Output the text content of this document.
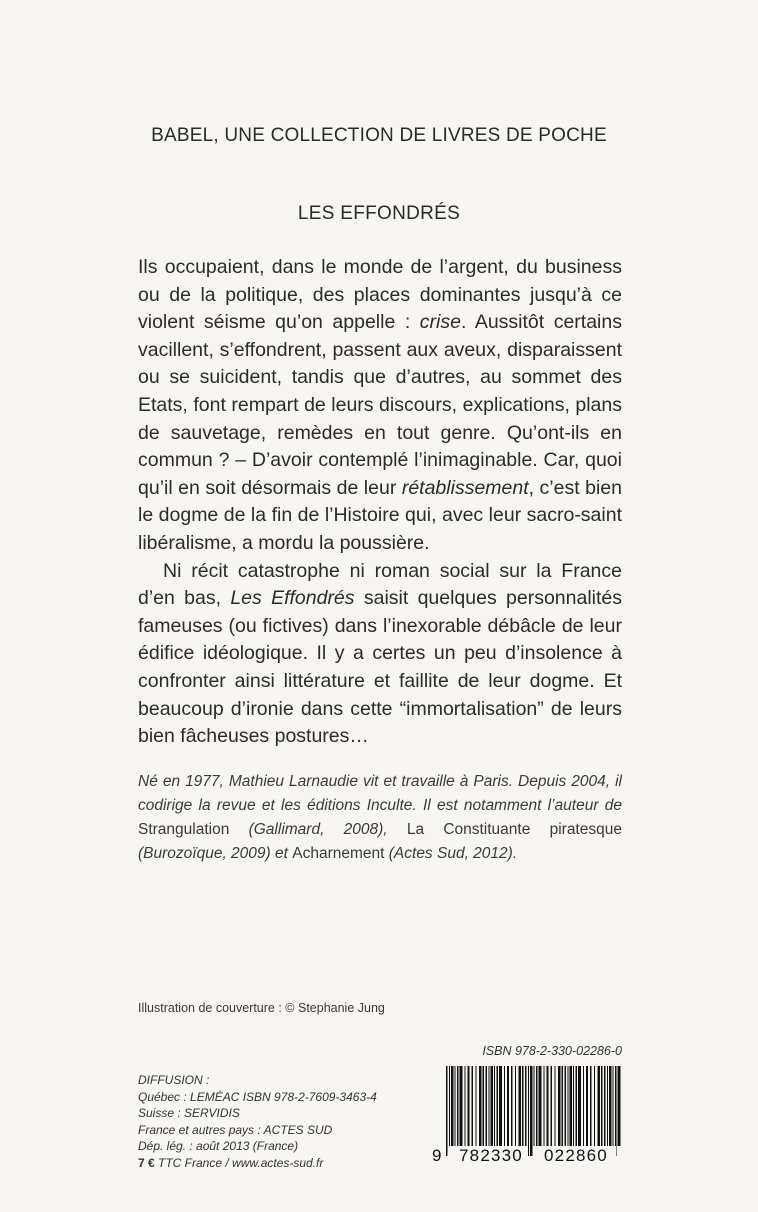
BABEL, UNE COLLECTION DE LIVRES DE POCHE
LES EFFONDRÉS

Ils occupaient, dans le monde de l’argent, du business ou de la politique, des places dominantes jusqu’à ce violent séisme qu’on appelle : crise. Aussitôt certains vacillent, s’effondrent, passent aux aveux, disparaissent ou se suicident, tandis que d’autres, au sommet des Etats, font rempart de leurs discours, explications, plans de sauvetage, remèdes en tout genre. Qu’ont-ils en commun ? – D’avoir contemplé l’inimaginable. Car, quoi qu’il en soit désormais de leur rétablissement, c’est bien le dogme de la fin de l’Histoire qui, avec leur sacro-saint libéralisme, a mordu la poussière.

Ni récit catastrophe ni roman social sur la France d’en bas, Les Effondrés saisit quelques personnalités fameuses (ou fictives) dans l’inexorable débâcle de leur édifice idéologique. Il y a certes un peu d’insolence à confronter ainsi littérature et faillite de leur dogme. Et beaucoup d’ironie dans cette “immortalisation” de leurs bien fâcheuses postures…

Né en 1977, Mathieu Larnaudie vit et travaille à Paris. Depuis 2004, il codirige la revue et les éditions Inculte. Il est notamment l’auteur de Strangulation (Gallimard, 2008), La Constituante piratesque (Burozoïque, 2009) et Acharnement (Actes Sud, 2012).
Illustration de couverture : © Stephanie Jung
ISBN 978-2-330-02286-0
DIFFUSION :
Québec : LEMÉAC ISBN 978-2-7609-3463-4
Suisse : SERVIDIS
France et autres pays : ACTES SUD
Dép. lég. : août 2013 (France)
7 € TTC France / www.actes-sud.fr	9 782330	022860
